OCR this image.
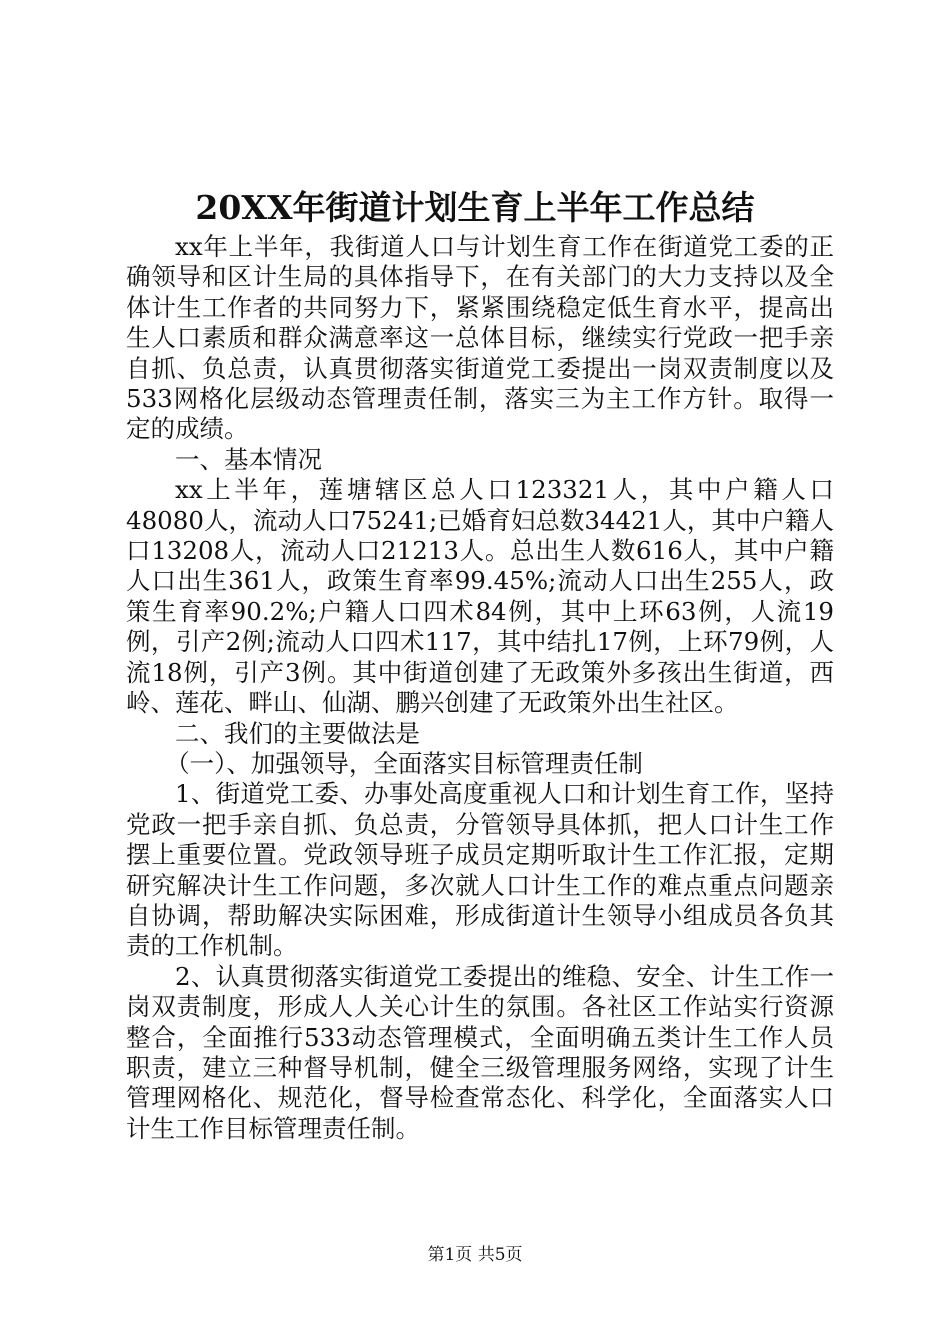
20XX年街道计划生育上半年工作总结

xx年上半年，我街道人口与计划生育工作在街道党工委的正确领导和区计生局的具体指导下，在有关部门的大力支持以及全体计生工作者的共同努力下，紧紧围绕稳定低生育水平，提高出生人口素质和群众满意率这一总体目标，继续实行党政一把手亲自抓、负总责，认真贯彻落实街道党工委提出一岗双责制度以及533网格化层级动态管理责任制，落实三为主工作方针。取得一定的成绩。

一、基本情况

xx上半年，莲塘辖区总人口123321人，其中户籍人口48080人，流动人口75241;已婚育妇总数34421人，其中户籍人口13208人，流动人口21213人。总出生人数616人，其中户籍人口出生361人，政策生育率99.45%;流动人口出生255人，政策生育率90.2%;户籍人口四术84例，其中上环63例，人流19例，引产2例;流动人口四术117，其中结扎17例，上环79例，人流18例，引产3例。其中街道创建了无政策外多孩出生街道，西岭、莲花、畔山、仙湖、鹏兴创建了无政策外出生社区。

二、我们的主要做法是

（一）、加强领导，全面落实目标管理责任制

1、街道党工委、办事处高度重视人口和计划生育工作，坚持党政一把手亲自抓、负总责，分管领导具体抓，把人口计生工作摆上重要位置。党政领导班子成员定期听取计生工作汇报，定期研究解决计生工作问题，多次就人口计生工作的难点重点问题亲自协调，帮助解决实际困难，形成街道计生领导小组成员各负其责的工作机制。

2、认真贯彻落实街道党工委提出的维稳、安全、计生工作一岗双责制度，形成人人关心计生的氛围。各社区工作站实行资源整合，全面推行533动态管理模式，全面明确五类计生工作人员职责，建立三种督导机制，健全三级管理服务网络，实现了计生管理网格化、规范化，督导检查常态化、科学化，全面落实人口计生工作目标管理责任制。

第1页 共5页
